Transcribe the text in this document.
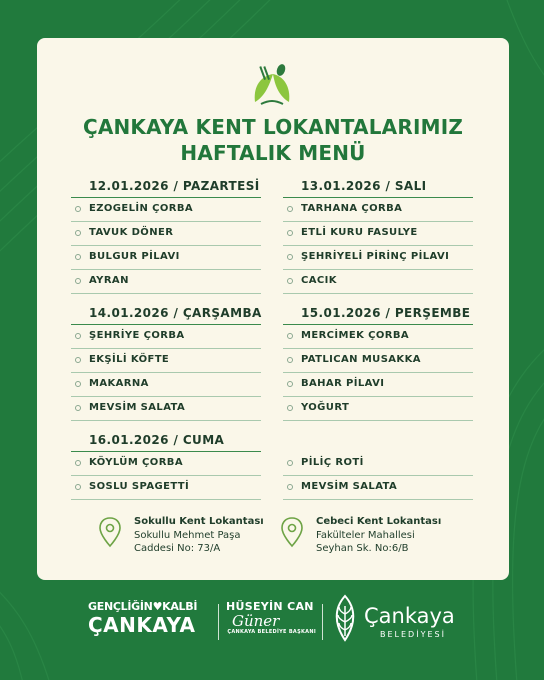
ÇANKAYA KENT LOKANTALARIMIZ
HAFTALIK MENÜ
12.01.2026 / PAZARTESİ
EZOGELİN ÇORBA
TAVUK DÖNER
BULGUR PİLAVI
AYRAN
13.01.2026 / SALI
TARHANA ÇORBA
ETLİ KURU FASULYE
ŞEHRİYELİ PİRİNÇ PİLAVI
CACIK
14.01.2026 / ÇARŞAMBA
ŞEHRİYE ÇORBA
EKŞİLİ KÖFTE
MAKARNA
MEVSİM SALATA
15.01.2026 / PERŞEMBE
MERCİMEK ÇORBA
PATLICAN MUSAKKA
BAHAR PİLAVI
YOĞURT
16.01.2026 / CUMA
KÖYLÜM ÇORBA
SOSLU SPAGETTİ
PİLİÇ ROTİ
MEVSİM SALATA
Sokullu Kent Lokantası
Sokullu Mehmet Paşa
Caddesi No: 73/A
Cebeci Kent Lokantası
Fakülteler Mahallesi
Seyhan Sk. No:6/B
GENÇLİĞİN♥KALBİ
ÇANKAYA
HÜSEYİN CAN
Güner
ÇANKAYA BELEDİYE BAŞKANI
Çankaya
BELEDİYESİ
